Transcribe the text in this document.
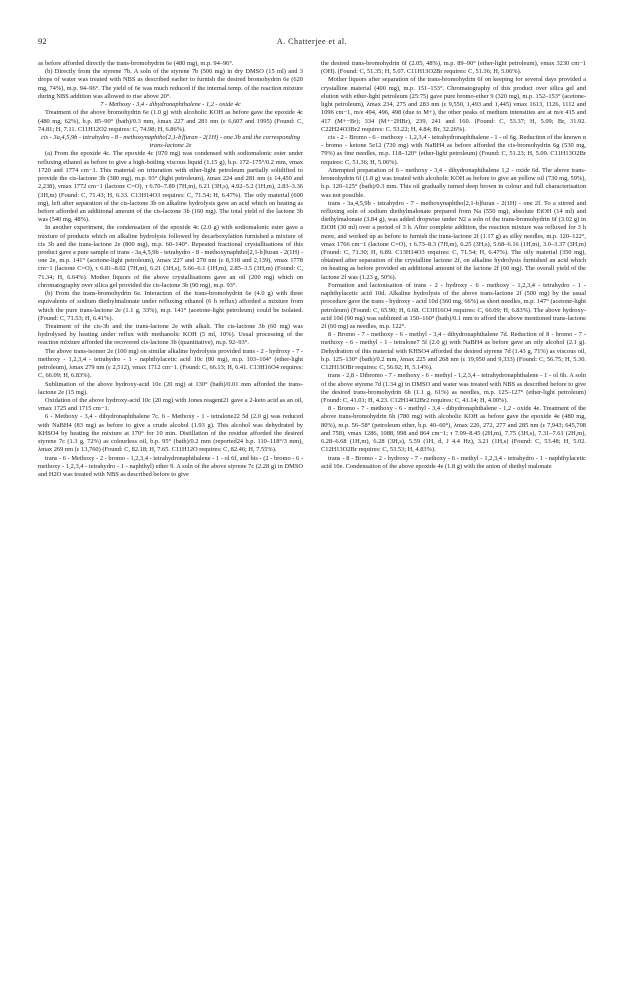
92	A. Chatterjee et al.

as before afforded directly the trans-bromohydrin 6e (480 mg), m.p. 94–96°.

(b) Directly from the styrene 7b. A soln of the styrene 7b (500 mg) in dry DMSO (15 ml) and 3 drops of water was treated with NBS as described earlier to furnish the desired bromohydrin 6e (620 mg, 74%), m.p. 94–96°. The yield of 6e was much reduced if the internal temp. of the reaction mixture during NBS addition was allowed to rise above 20°.

7 - Methoxy - 3,4 - dihydronaphthalene - 1,2 - oxide 4c

Treatment of the above bromohydrin 6e (1.0 g) with alcoholic KOH as before gave the epoxide 4c (480 mg, 62%), b.p. 85–90° (bath)/0.3 mm, λmax 227 and 281 nm (ε 6,607 and 1995) (Found: C, 74.81; H, 7.11. C11H12O2 requires: C, 74.98; H, 6.86%).

cis - 3a,4,5,9b - tetrahydro - 8 - methoxynaphtho[2,1-b]furan - 2(1H) - one 3b and the corresponding trans-lactone 2e

(a) From the epoxide 4c. The epoxide 4c (970 mg) was condensed with sodiomalonic ester under refluxing ethanol as before to give a high-boiling viscous liquid (1.15 g), b.p. 172–175°/0.2 mm, νmax 1720 and 1774 cm−1. This material on trituration with ether-light petroleum partially solidified to provide the cis-lactone 3b (380 mg), m.p. 93° (light petroleum), λmax 224 and 281 nm (ε 14,450 and 2,238), νmax 1772 cm−1 (lactone C=O), τ 6.70–7.89 (7H,m), 6.21 (3H,s), 4.92–5.2 (1H,m), 2.83–3.36 (3H,m) (Found: C, 71.43; H, 6.33. C13H14O3 requires: C, 71.54; H, 6.47%). The oily material (600 mg), left after separation of the cis-lactone 3b on alkaline hydrolysis gave an acid which on heating as before afforded an additional amount of the cis-lactone 3b (160 mg). The total yield of the lactone 3b was (540 mg, 48%).

In another experiment, the condensation of the epoxide 4c (2.0 g) with sodiomalonic ester gave a mixture of products which on alkaline hydrolysis followed by decarboxylation furnished a mixture of cis 3b and the trans-lactone 2e (800 mg), m.p. 60–140°. Repeated fractional crystallisations of this product gave a pure sample of trans - 3a,4,5,9b - tetrahydro - 8 - methoxynaphtho[2,1-b]furan - 2(1H) - one 2e, m.p. 141° (acetone-light petroleum), λmax 227 and 278 nm (ε 8,318 and 2,139), νmax 1778 cm−1 (lactone C=O), τ 6.81–8.02 (7H,m), 6.21 (3H,s), 5.66–6.1 (1H,m), 2.85–3.5 (3H,m) (Found: C, 71.34; H, 6.64%). Mother liquors of the above crystallisations gave an oil (200 mg) which on chromatography over silica gel provided the cis-lactone 3b (90 mg), m.p. 93°.

(b) From the trans-bromohydrin 6e. Interaction of the trans-bromohydrin 6e (4.0 g) with three equivalents of sodium diethylmalonate under refluxing ethanol (6 h reflux) afforded a mixture from which the pure trans-lactone 2e (1.1 g, 33%), m.p. 141° (acetone-light petroleum) could be isolated. (Found: C, 71.53; H, 6.41%).

Treatment of the cis-3b and the trans-lactone 2e with alkali. The cis-lactone 3b (60 mg) was hydrolysed by heating under reflux with methanolic KOH (5 ml, 10%). Usual processing of the reaction mixture afforded the recovered cis-lactone 3b (quantitative), m.p. 92–93°.

The above trans-isomer 2e (100 mg) on similar alkaline hydrolysis provided trans - 2 - hydroxy - 7 - methoxy - 1,2,3,4 - tetrahydro - 1 - naphthylacetic acid 10c (80 mg), m.p. 103–104° (ether-light petroleum), λmax 279 nm (ε 2,512), νmax 1712 cm−1. (Found: C, 66.13; H, 6.41. C13H16O4 requires: C, 66.09; H, 6.83%).

Sublimation of the above hydroxy-acid 10c (20 mg) at 130° (bath)/0.01 mm afforded the trans-lactone 2e (15 mg).

Oxidation of the above hydroxy-acid 10c (20 mg) with Jones reagent21 gave a 2-keto acid as an oil, νmax 1725 and 1715 cm−1.

6 - Methoxy - 3,4 - dihydronaphthalene 7c. 6 - Methoxy - 1 - tetralone22 5d (2.0 g) was reduced with NaBH4 (83 mg) as before to give a crude alcohol (1.93 g). This alcohol was dehydrated by KHSO4 by heating the mixture at 170° for 10 min. Distillation of the residue afforded the desired styrene 7c (1.3 g, 72%) as colourless oil, b.p. 95° (bath)/0.2 mm (reported24 b.p. 110–118°/3 mm), λmax 269 nm (ε 13,760) (Found: C, 82.18; H, 7.65. C11H12O requires: C, 82.46; H, 7.55%).

trans - 6 - Methoxy - 2 - bromo - 1,2,3,4 - tetrahydronaphthalene - 1 - ol 6f, and bis - (2 - bromo - 6 - methoxy - 1,2,3,4 - tetrahydro - 1 - naphthyl) ether 9. A soln of the above styrene 7c (2.28 g) in DMSO and H2O was treated with NBS as described before to give

the desired trans-bromohydrin 6f (2.05, 48%), m.p. 89–90° (ether-light petroleum), νmax 3230 cm−1 (OH). (Found: C, 51.35; H, 5.07. C11H13O2Br requires: C, 51.36; H, 5.06%).

Mother liquors after separation of the trans-bromohydrin 6f on keeping for several days provided a crystalline material (400 mg), m.p. 151–153°. Chromatography of this product over silica gel and elution with ether-light petroleum (25:75) gave pure bromo-ether 9 (320 mg), m.p. 152–153° (acetone-light petroleum), λmax 234, 275 and 283 nm (ε 9,550, 1,493 and 1,445) νmax 1613, 1126, 1112 and 1096 cm−1, m/e 494, 496, 498 (due to M+), the other peaks of medium intensities are at m/e 415 and 417 (M+−Br); 334 (M+−2HBr), 239, 241 and 160. (Found: C, 53.37; H, 5.09; Br, 31.92. C22H24O3Br2 requires: C. 53.22; H, 4.84; Br, 32.26%).

cis - 2 - Bromo - 6 - methoxy - 1,2,3,4 - tetrahydronaphthalene - 1 - ol 6g. Reduction of the known α - bromo - ketone 5e12 (730 mg) with NaBH4 as before afforded the cis-bromohydrin 6g (530 mg, 79%) as fine needles, m.p. 118–120° (ether-light petroleum) (Found: C, 51.23; H, 5.09. C11H13O2Br requires: C, 51.36; H, 5.06%).

Attempted preparation of 6 - methoxy - 3,4 - dihydronaphthalene 1,2 - oxide 6d. The above trans-bromohydrin 6f (1.8 g) was treated with alcoholic KOH as before to give an yellow oil (730 mg, 59%), b.p. 120–125° (bath)/0.3 mm. This oil gradually turned deep brown in colour and full characterisation was not possible.

trans - 3a,4,5,9b - tetrahydro - 7 - methoxynaphtho[2,1-b]furan - 2(1H) - one 2f. To a stirred and refluxing soln of sodium diethylmalonate prepared from Na (550 mg), absolute EtOH (14 ml) and diethylmalonate (3.84 g), was added dropwise under N2 a soln of the trans-bromohydrin 6f (3.02 g) in EtOH (30 ml) over a period of 3 h. After complete addition, the reaction mixture was refluxed for 3 h more, and worked up as before to furnish the trans-lactone 2f (1.17 g) as silky needles, m.p. 120–122°, νmax 1766 cm−1 (lactone C=O), τ 6.73–8.3 (7H,m), 6.25 (3H,s), 5.68–6.16 (1H,m), 3.0–3.37 (3H,m) (Found: C, 71.30; H, 6.89. C13H14O3 requires: C, 71.54; H, 6.47%). The oily material (350 mg), obtained after separation of the crystalline lactone 2f, on alkaline hydrolysis furnished an acid which on heating as before provided an additional amount of the lactone 2f (60 mg). The overall yield of the lactone 2f was (1.23 g, 50%).

Formation and lactonisation of trans - 2 - hydroxy - 6 - methoxy - 1,2,3,4 - tetrahydro - 1 - naphthylacetic acid 10d. Alkaline hydrolysis of the above trans-lactone 2f (500 mg) by the usual procedure gave the trans - hydroxy - acid 10d (360 mg, 66%) as short needles, m.p. 147° (acetone-light petroleum) (Found: C, 65.90; H, 6.68. C13H16O4 requires: C, 66.09; H, 6.83%). The above hydroxy-acid 10d (90 mg) was sublimed at 150–160° (bath)/0.1 mm to afford the above mentioned trans-lactone 2f (60 mg) as needles, m.p. 122°.

8 - Bromo - 7 - methoxy - 6 - methyl - 3,4 - dihydronaphthalene 7d. Reduction of 8 - bromo - 7 - methoxy - 6 - methyl - 1 - tetralone7 5f (2.0 g) with NaBH4 as before gave an oily alcohol (2.1 g). Dehydration of this material with KHSO4 afforded the desired styrene 7d (1.43 g, 71%) as viscous oil, b.p. 125–130° (bath)/0.2 mm, λmax 225 and 268 nm (ε 19,950 and 9,333) (Found: C, 56.75; H, 5.30. C12H13OBr requires: C, 56.92; H, 5.14%).

trans - 2,8 - Dibromo - 7 - methoxy - 6 - methyl - 1,2,3,4 - tetrahydronaphthalene - 1 - ol 6h. A soln of the above styrene 7d (1.34 g) in DMSO and water was treated with NBS as described before to give the desired trans-bromohydrin 6h (1.1 g, 61%) as needles, m.p. 125–127° (ether-light petroleum) (Found: C, 41.01; H, 4.23. C12H14O2Br2 requires: C, 41.14; H, 4.00%).

8 - Bromo - 7 - methoxy - 6 - methyl - 3,4 - dihydronaphthalene - 1,2 - oxide 4e. Treatment of the above trans-bromohydrin 6h (780 mg) with alcoholic KOH as before gave the epoxide 4e (480 mg, 80%), m.p. 56–58° (petroleum ether, b.p. 40–60°), λmax 226, 272, 277 and 285 nm (ε 7,943; 645,708 and 758), νmax 1286, 1088, 998 and 864 cm−1; τ 7.99–8.45 (2H,m), 7.75 (3H,s), 7.31–7.61 (2H,m), 6.28–6.68 (1H,m), 6.28 (3H,s), 5.59 (1H, d, J 4.4 Hz), 3.21 (1H,s) (Found: C, 53.48; H, 5.02. C12H13O2Br requires: C, 53.53; H, 4.83%).

trans - 8 - Bromo - 2 - hydroxy - 7 - methoxy - 6 - methyl - 1,2,3,4 - tetrahydro - 1 - naphthylacetic acid 10e. Condensation of the above epoxide 4e (1.8 g) with the anion of diethyl malonate
